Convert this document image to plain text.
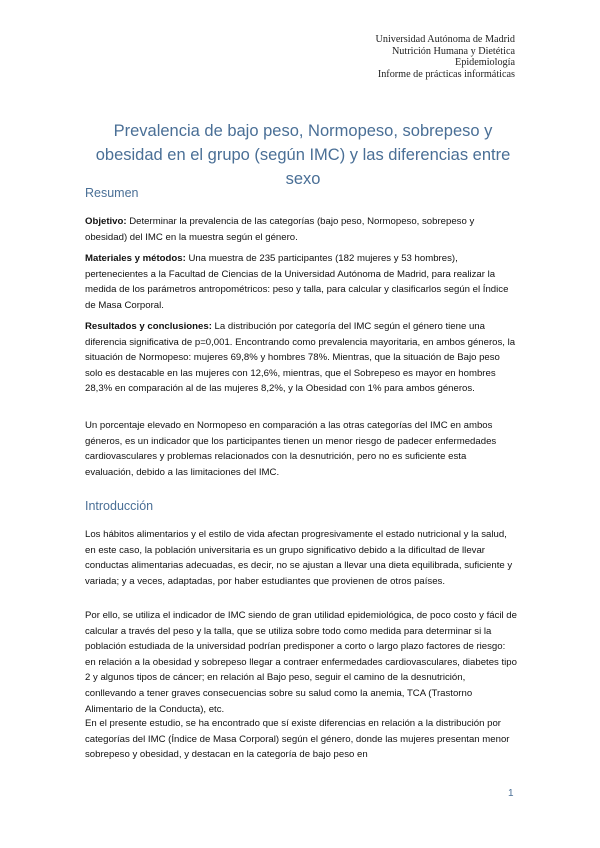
Universidad Autónoma de Madrid
Nutrición Humana y Dietética
Epidemiología
Informe de prácticas informáticas
Prevalencia de bajo peso, Normopeso, sobrepeso y obesidad en el grupo (según IMC) y las diferencias entre sexo
Resumen
Objetivo: Determinar la prevalencia de las categorías (bajo peso, Normopeso, sobrepeso y obesidad) del IMC en la muestra según el género.
Materiales y métodos: Una muestra de 235 participantes (182 mujeres y 53 hombres), pertenecientes a la Facultad de Ciencias de la Universidad Autónoma de Madrid, para realizar la medida de los parámetros antropométricos: peso y talla, para calcular y clasificarlos según el Índice de Masa Corporal.
Resultados y conclusiones: La distribución por categoría del IMC según el género tiene una diferencia significativa de p=0,001. Encontrando como prevalencia mayoritaria, en ambos géneros, la situación de Normopeso: mujeres 69,8% y hombres 78%. Mientras, que la situación de Bajo peso solo es destacable en las mujeres con 12,6%, mientras, que el Sobrepeso es mayor en hombres 28,3% en comparación al de las mujeres 8,2%, y la Obesidad con 1% para ambos géneros.
Un porcentaje elevado en Normopeso en comparación a las otras categorías del IMC en ambos géneros, es un indicador que los participantes tienen un menor riesgo de padecer enfermedades cardiovasculares y problemas relacionados con la desnutrición, pero no es suficiente esta evaluación, debido a las limitaciones del IMC.
Introducción
Los hábitos alimentarios y el estilo de vida afectan progresivamente el estado nutricional y la salud, en este caso, la población universitaria es un grupo significativo debido a la dificultad de llevar conductas alimentarias adecuadas, es decir, no se ajustan a llevar una dieta equilibrada, suficiente y variada; y a veces, adaptadas, por haber estudiantes que provienen de otros países.
Por ello, se utiliza el indicador de IMC siendo de gran utilidad epidemiológica, de poco costo y fácil de calcular a través del peso y la talla, que se utiliza sobre todo como medida para determinar si la población estudiada de la universidad podrían predisponer a corto o largo plazo factores de riesgo: en relación a la obesidad y sobrepeso llegar a contraer enfermedades cardiovasculares, diabetes tipo 2 y algunos tipos de cáncer; en relación al Bajo peso, seguir el camino de la desnutrición, conllevando a tener graves consecuencias sobre su salud como la anemia, TCA (Trastorno Alimentario de la Conducta), etc.
En el presente estudio, se ha encontrado que sí existe diferencias en relación a la distribución por categorías del IMC (Índice de Masa Corporal) según el género, donde las mujeres presentan menor sobrepeso y obesidad, y destacan en la categoría de bajo peso en
1
